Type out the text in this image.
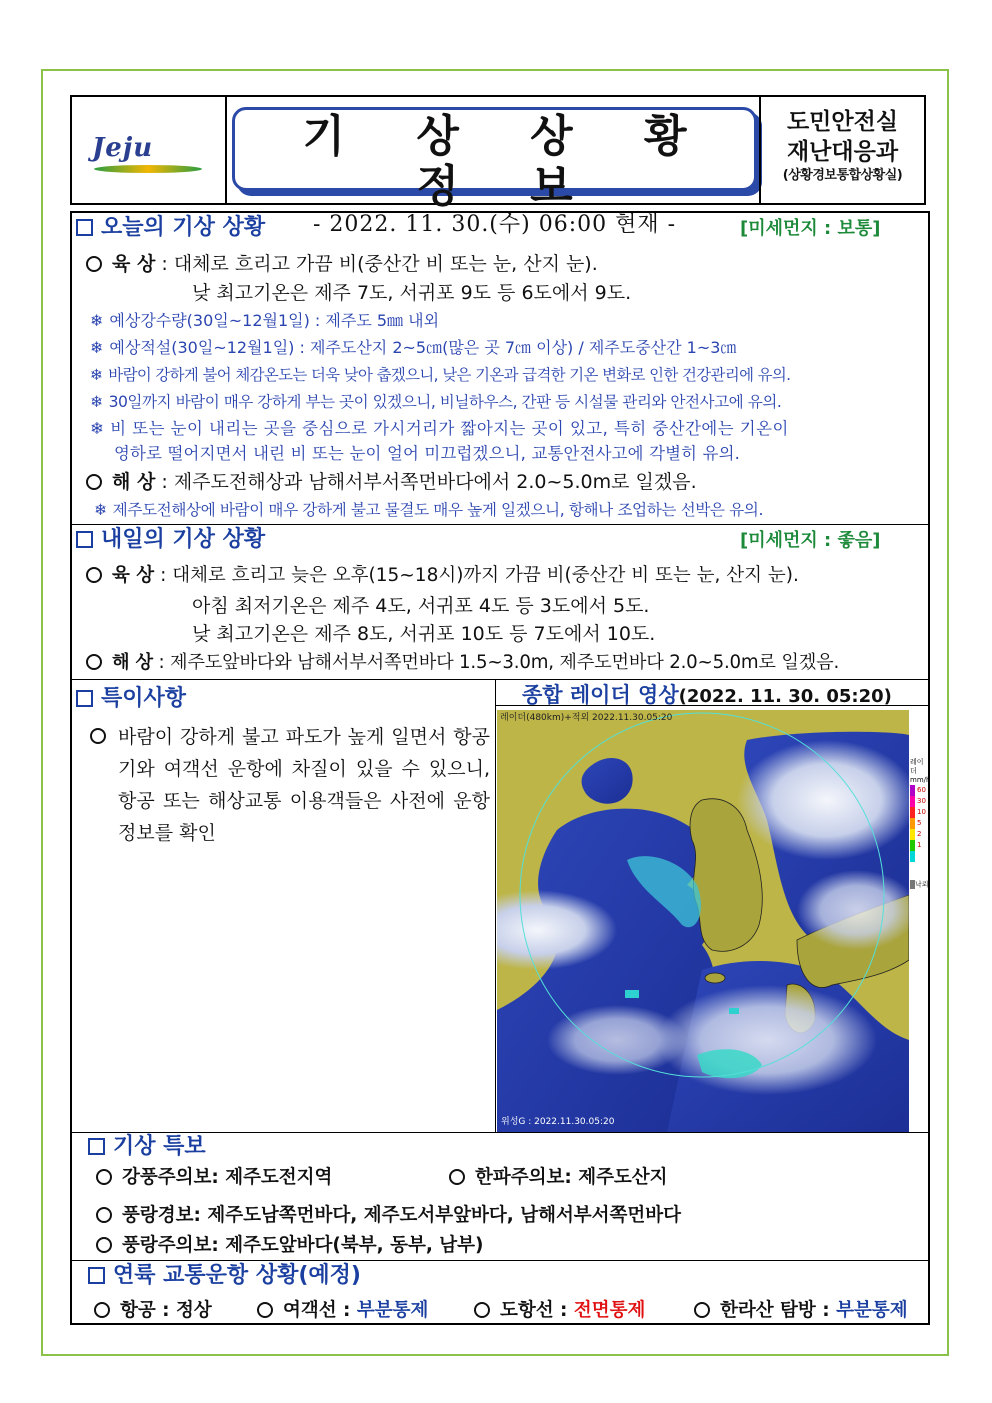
Jeju	기 상 상 황 정 보
- 2022. 11. 30.(수) 06:00 현재 -
도민안전실
재난대응과
(상황경보통합상황실)
오늘의 기상 상황	[미세먼지 : 보통]
육 상 : 대체로 흐리고 가끔 비(중산간 비 또는 눈, 산지 눈).
낮 최고기온은 제주 7도, 서귀포 9도 등 6도에서 9도.
❄ 예상강수량(30일~12월1일) : 제주도 5㎜ 내외
❄ 예상적설(30일~12월1일) : 제주도산지 2~5㎝(많은 곳 7㎝ 이상) / 제주도중산간 1~3㎝
❄ 바람이 강하게 불어 체감온도는 더욱 낮아 춥겠으니, 낮은 기온과 급격한 기온 변화로 인한 건강관리에 유의.
❄ 30일까지 바람이 매우 강하게 부는 곳이 있겠으니, 비닐하우스, 간판 등 시설물 관리와 안전사고에 유의.
❄ 비 또는 눈이 내리는 곳을 중심으로 가시거리가 짧아지는 곳이 있고, 특히 중산간에는 기온이
영하로 떨어지면서 내린 비 또는 눈이 얼어 미끄럽겠으니, 교통안전사고에 각별히 유의.
해 상 : 제주도전해상과 남해서부서쪽먼바다에서 2.0~5.0m로 일겠음.
❄ 제주도전해상에 바람이 매우 강하게 불고 물결도 매우 높게 일겠으니, 항해나 조업하는 선박은 유의.
내일의 기상 상황	[미세먼지 : 좋음]
육 상 : 대체로 흐리고 늦은 오후(15~18시)까지 가끔 비(중산간 비 또는 눈, 산지 눈).
아침 최저기온은 제주 4도, 서귀포 4도 등 3도에서 5도.
낮 최고기온은 제주 8도, 서귀포 10도 등 7도에서 10도.
해 상 : 제주도앞바다와 남해서부서쪽먼바다 1.5~3.0m, 제주도먼바다 2.0~5.0m로 일겠음.
특이사항
바람이 강하게 불고 파도가 높게 일면서 항공기와 여객선 운항에 차질이 있을 수 있으니, 항공 또는 해상교통 이용객들은 사전에 운항정보를 확인
종합 레이더 영상(2022. 11. 30. 05:20)
레이더(480km)+적외 2022.11.30.05:20
레이더
mm/h
60
30
10
5
2
1
낙뢰
기상 특보
강풍주의보: 제주도전지역	한파주의보: 제주도산지
풍랑경보: 제주도남쪽먼바다, 제주도서부앞바다, 남해서부서쪽먼바다
풍랑주의보: 제주도앞바다(북부, 동부, 남부)
연륙 교통운항 상황(예정)
항공 : 정상	여객선 : 부분통제	도항선 : 전면통제	한라산 탐방 : 부분통제
위성G : 2022.11.30.05:20
